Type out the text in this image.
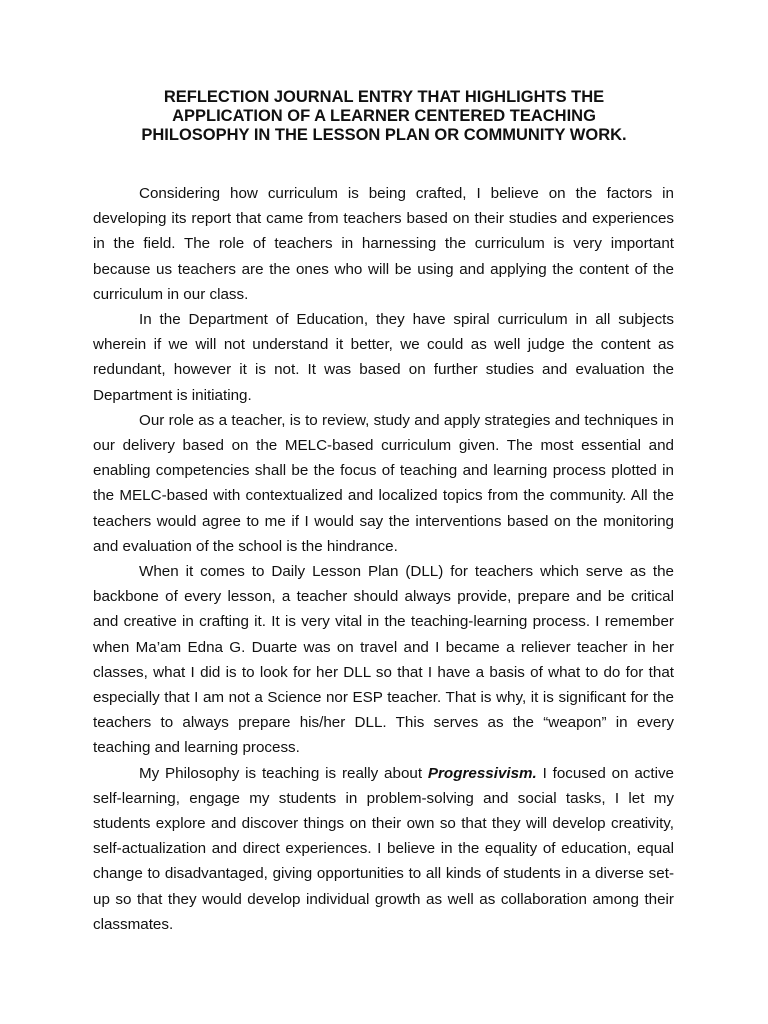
REFLECTION JOURNAL ENTRY THAT HIGHLIGHTS THE
APPLICATION OF A LEARNER CENTERED TEACHING
PHILOSOPHY IN THE LESSON PLAN OR COMMUNITY WORK.

Considering how curriculum is being crafted, I believe on the factors in developing its report that came from teachers based on their studies and experiences in the field. The role of teachers in harnessing the curriculum is very important because us teachers are the ones who will be using and applying the content of the curriculum in our class.

In the Department of Education, they have spiral curriculum in all subjects wherein if we will not understand it better, we could as well judge the content as redundant, however it is not. It was based on further studies and evaluation the Department is initiating.

Our role as a teacher, is to review, study and apply strategies and techniques in our delivery based on the MELC-based curriculum given. The most essential and enabling competencies shall be the focus of teaching and learning process plotted in the MELC-based with contextualized and localized topics from the community. All the teachers would agree to me if I would say the interventions based on the monitoring and evaluation of the school is the hindrance.

When it comes to Daily Lesson Plan (DLL) for teachers which serve as the backbone of every lesson, a teacher should always provide, prepare and be critical and creative in crafting it. It is very vital in the teaching-learning process. I remember when Ma’am Edna G. Duarte was on travel and I became a reliever teacher in her classes, what I did is to look for her DLL so that I have a basis of what to do for that especially that I am not a Science nor ESP teacher. That is why, it is significant for the teachers to always prepare his/her DLL. This serves as the “weapon” in every teaching and learning process.

My Philosophy is teaching is really about Progressivism. I focused on active self-learning, engage my students in problem-solving and social tasks, I let my students explore and discover things on their own so that they will develop creativity, self-actualization and direct experiences. I believe in the equality of education, equal change to disadvantaged, giving opportunities to all kinds of students in a diverse set-up so that they would develop individual growth as well as collaboration among their classmates.
